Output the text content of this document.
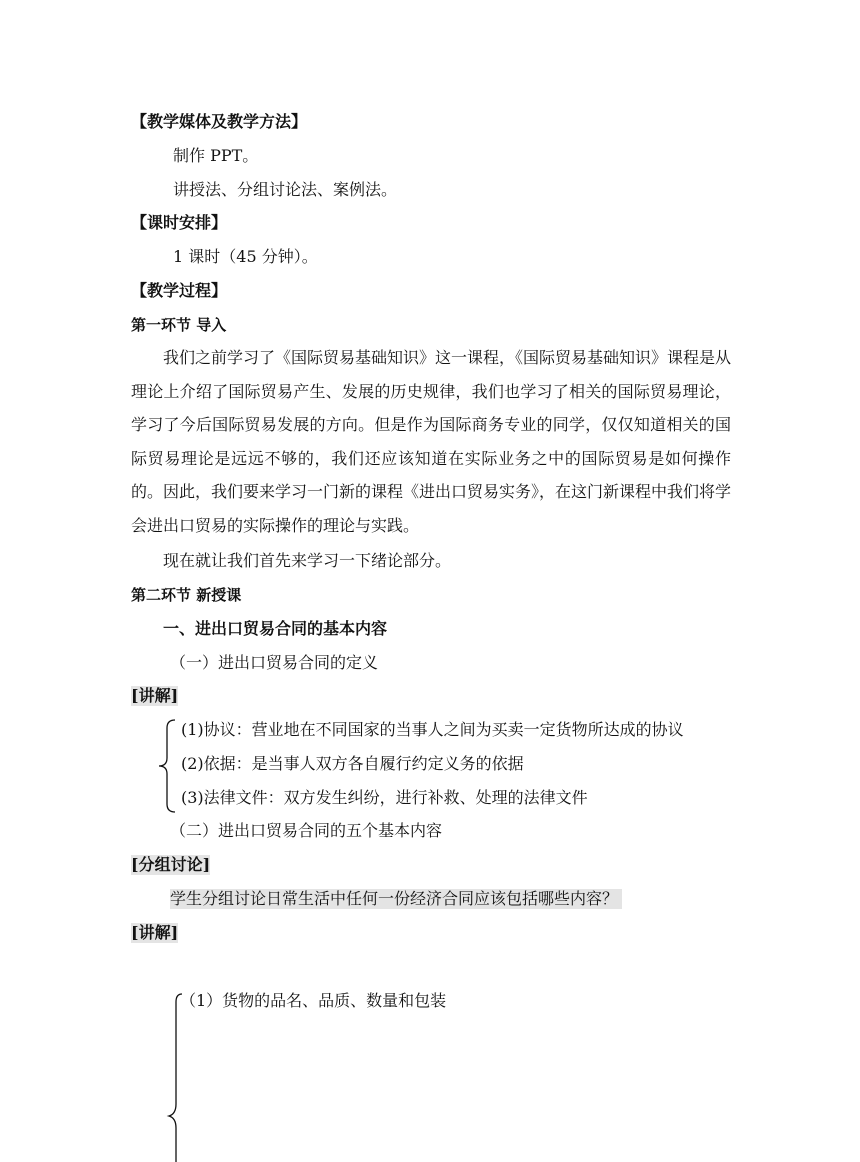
【教学媒体及教学方法】
制作 PPT。
讲授法、分组讨论法、案例法。
【课时安排】
1 课时（45 分钟）。
【教学过程】
第一环节 导入
我们之前学习了《国际贸易基础知识》这一课程，《国际贸易基础知识》课程是从理论上介绍了国际贸易产生、发展的历史规律，我们也学习了相关的国际贸易理论，学习了今后国际贸易发展的方向。但是作为国际商务专业的同学，仅仅知道相关的国际贸易理论是远远不够的，我们还应该知道在实际业务之中的国际贸易是如何操作的。因此，我们要来学习一门新的课程《进出口贸易实务》，在这门新课程中我们将学会进出口贸易的实际操作的理论与实践。
现在就让我们首先来学习一下绪论部分。
第二环节 新授课
一、进出口贸易合同的基本内容
（一）进出口贸易合同的定义
[讲解]
(1)协议：营业地在不同国家的当事人之间为买卖一定货物所达成的协议
(2)依据：是当事人双方各自履行约定义务的依据
(3)法律文件：双方发生纠纷，进行补救、处理的法律文件
（二）进出口贸易合同的五个基本内容
[分组讨论]
学生分组讨论日常生活中任何一份经济合同应该包括哪些内容？
[讲解]
（1）货物的品名、品质、数量和包装
